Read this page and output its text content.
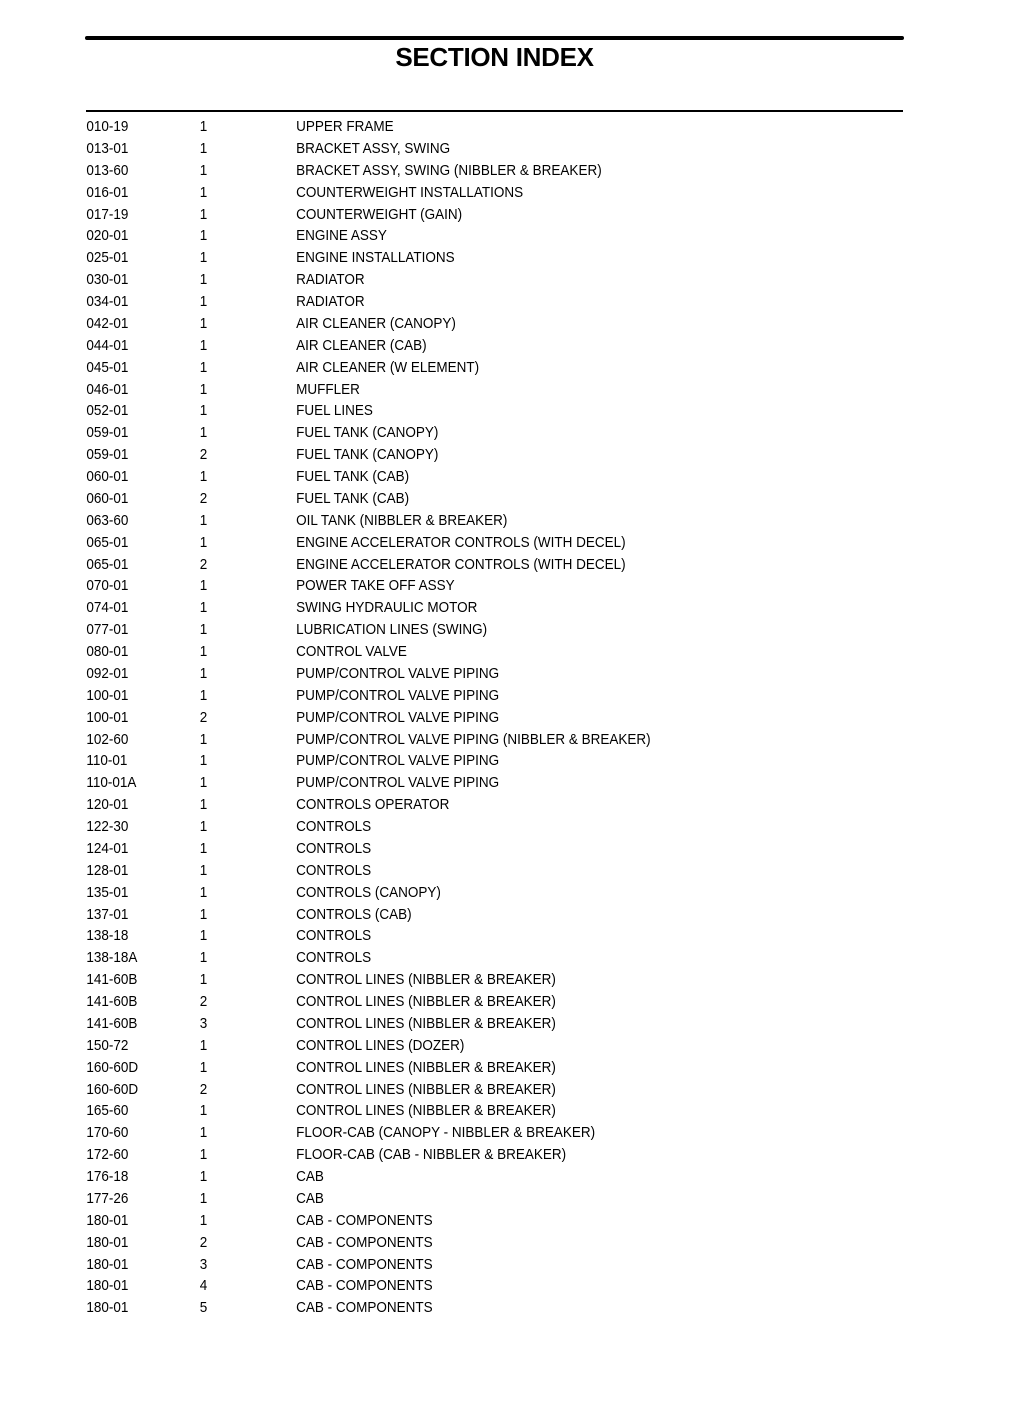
SECTION INDEX
010-19	1	UPPER FRAME
013-01	1	BRACKET ASSY, SWING
013-60	1	BRACKET ASSY, SWING (NIBBLER & BREAKER)
016-01	1	COUNTERWEIGHT INSTALLATIONS
017-19	1	COUNTERWEIGHT (GAIN)
020-01	1	ENGINE ASSY
025-01	1	ENGINE INSTALLATIONS
030-01	1	RADIATOR
034-01	1	RADIATOR
042-01	1	AIR CLEANER (CANOPY)
044-01	1	AIR CLEANER (CAB)
045-01	1	AIR CLEANER (W ELEMENT)
046-01	1	MUFFLER
052-01	1	FUEL LINES
059-01	1	FUEL TANK (CANOPY)
059-01	2	FUEL TANK (CANOPY)
060-01	1	FUEL TANK (CAB)
060-01	2	FUEL TANK (CAB)
063-60	1	OIL TANK (NIBBLER & BREAKER)
065-01	1	ENGINE ACCELERATOR CONTROLS (WITH DECEL)
065-01	2	ENGINE ACCELERATOR CONTROLS (WITH DECEL)
070-01	1	POWER TAKE OFF ASSY
074-01	1	SWING HYDRAULIC MOTOR
077-01	1	LUBRICATION LINES (SWING)
080-01	1	CONTROL VALVE
092-01	1	PUMP/CONTROL VALVE PIPING
100-01	1	PUMP/CONTROL VALVE PIPING
100-01	2	PUMP/CONTROL VALVE PIPING
102-60	1	PUMP/CONTROL VALVE PIPING (NIBBLER & BREAKER)
110-01	1	PUMP/CONTROL VALVE PIPING
110-01A	1	PUMP/CONTROL VALVE PIPING
120-01	1	CONTROLS OPERATOR
122-30	1	CONTROLS
124-01	1	CONTROLS
128-01	1	CONTROLS
135-01	1	CONTROLS (CANOPY)
137-01	1	CONTROLS (CAB)
138-18	1	CONTROLS
138-18A	1	CONTROLS
141-60B	1	CONTROL LINES (NIBBLER & BREAKER)
141-60B	2	CONTROL LINES (NIBBLER & BREAKER)
141-60B	3	CONTROL LINES (NIBBLER & BREAKER)
150-72	1	CONTROL LINES (DOZER)
160-60D	1	CONTROL LINES (NIBBLER & BREAKER)
160-60D	2	CONTROL LINES (NIBBLER & BREAKER)
165-60	1	CONTROL LINES (NIBBLER & BREAKER)
170-60	1	FLOOR-CAB (CANOPY - NIBBLER & BREAKER)
172-60	1	FLOOR-CAB (CAB - NIBBLER & BREAKER)
176-18	1	CAB
177-26	1	CAB
180-01	1	CAB - COMPONENTS
180-01	2	CAB - COMPONENTS
180-01	3	CAB - COMPONENTS
180-01	4	CAB - COMPONENTS
180-01	5	CAB - COMPONENTS
